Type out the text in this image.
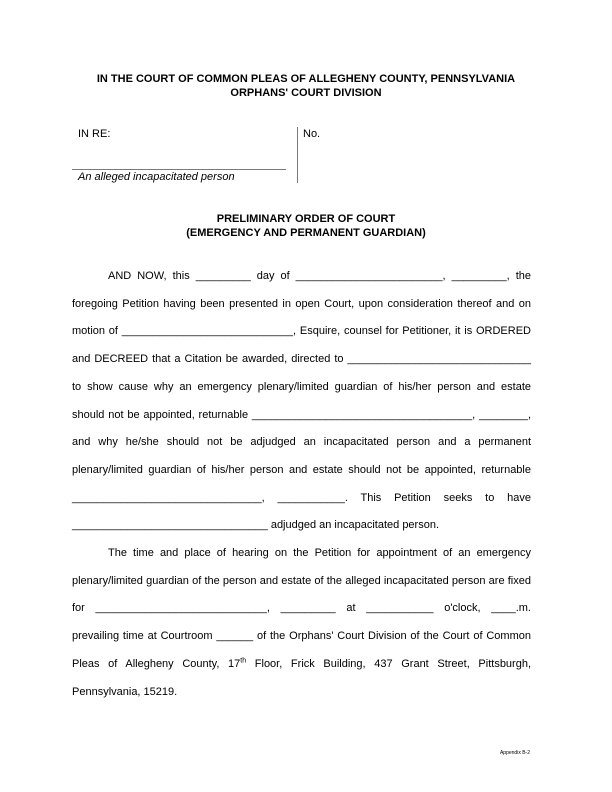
IN THE COURT OF COMMON PLEAS OF ALLEGHENY COUNTY, PENNSYLVANIA
ORPHANS' COURT DIVISION
IN RE:
An alleged incapacitated person
No.
PRELIMINARY ORDER OF COURT
(EMERGENCY AND PERMANENT GUARDIAN)

AND NOW, this _________ day of ________________________, _________, the foregoing Petition having been presented in open Court, upon consideration thereof and on motion of ____________________________, Esquire, counsel for Petitioner, it is ORDERED and DECREED that a Citation be awarded, directed to ______________________________ to show cause why an emergency plenary/limited guardian of his/her person and estate should not be appointed, returnable ____________________________________, ________, and why he/she should not be adjudged an incapacitated person and a permanent plenary/limited guardian of his/her person and estate should not be appointed, returnable _______________________________, ___________. This Petition seeks to have ________________________________ adjudged an incapacitated person.

The time and place of hearing on the Petition for appointment of an emergency plenary/limited guardian of the person and estate of the alleged incapacitated person are fixed for ____________________________, _________ at ___________ o'clock, ____.m. prevailing time at Courtroom ______ of the Orphans' Court Division of the Court of Common Pleas of Allegheny County, 17th Floor, Frick Building, 437 Grant Street, Pittsburgh, Pennsylvania, 15219.

Appendix B-2
